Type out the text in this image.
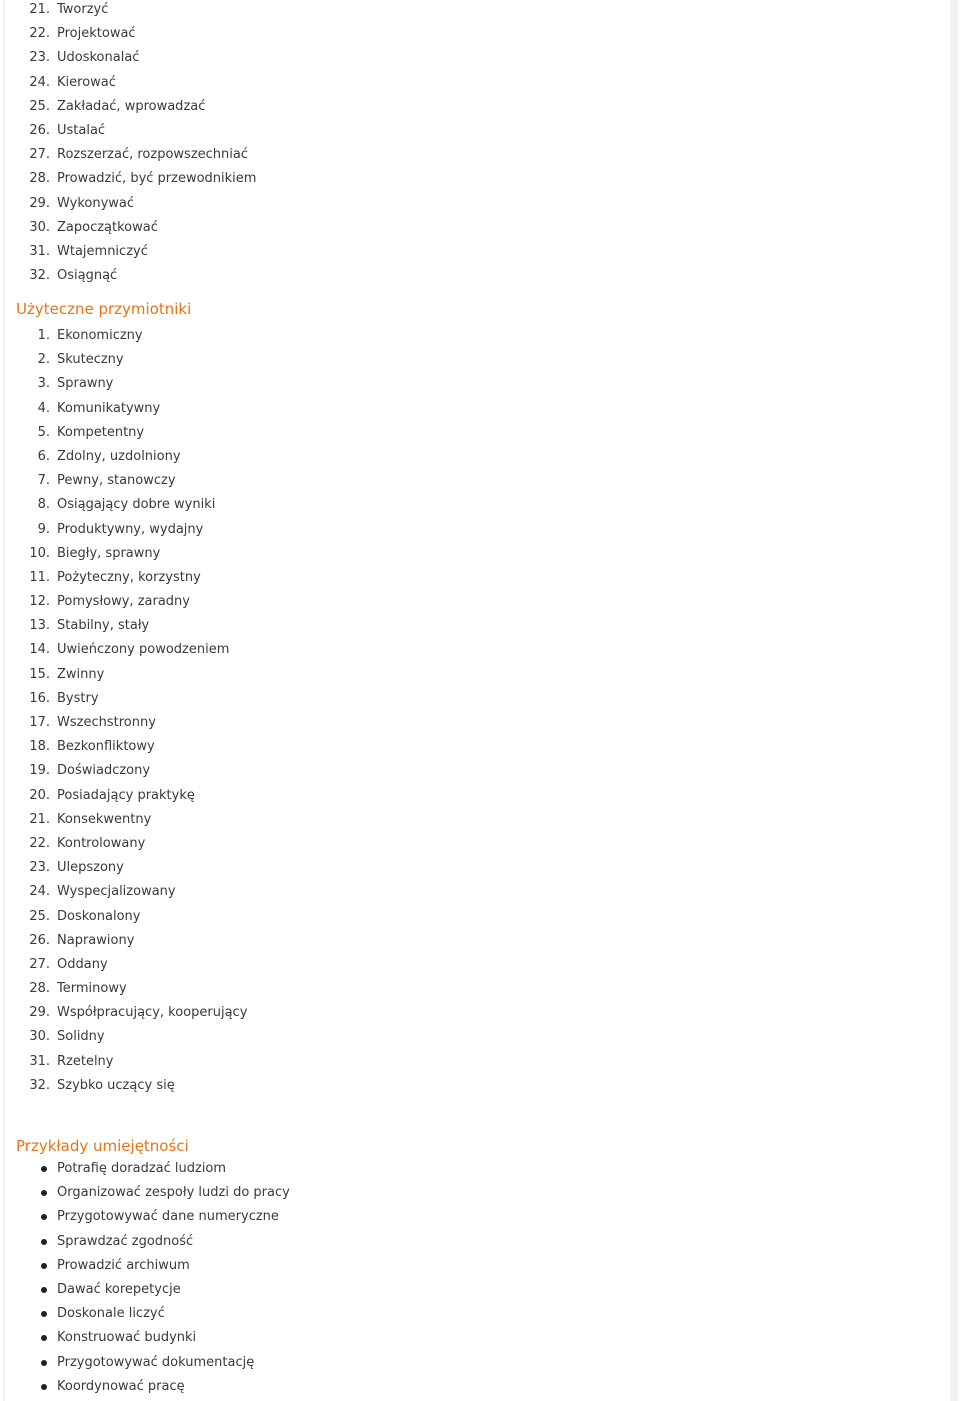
21. Tworzyć
22. Projektować
23. Udoskonalać
24. Kierować
25. Zakładać, wprowadzać
26. Ustalać
27. Rozszerzać, rozpowszechniać
28. Prowadzić, być przewodnikiem
29. Wykonywać
30. Zapoczątkować
31. Wtajemniczyć
32. Osiągnąć
Użyteczne przymiotniki
1. Ekonomiczny
2. Skuteczny
3. Sprawny
4. Komunikatywny
5. Kompetentny
6. Zdolny, uzdolniony
7. Pewny, stanowczy
8. Osiągający dobre wyniki
9. Produktywny, wydajny
10. Biegły, sprawny
11. Pożyteczny, korzystny
12. Pomysłowy, zaradny
13. Stabilny, stały
14. Uwieńczony powodzeniem
15. Zwinny
16. Bystry
17. Wszechstronny
18. Bezkonfliktowy
19. Doświadczony
20. Posiadający praktykę
21. Konsekwentny
22. Kontrolowany
23. Ulepszony
24. Wyspecjalizowany
25. Doskonalony
26. Naprawiony
27. Oddany
28. Terminowy
29. Współpracujący, kooperujący
30. Solidny
31. Rzetelny
32. Szybko uczący się
Przykłady umiejętności
Potrafię doradzać ludziom
Organizować zespoły ludzi do pracy
Przygotowywać dane numeryczne
Sprawdzać zgodność
Prowadzić archiwum
Dawać korepetycje
Doskonale liczyć
Konstruować budynki
Przygotowywać dokumentację
Koordynować pracę
